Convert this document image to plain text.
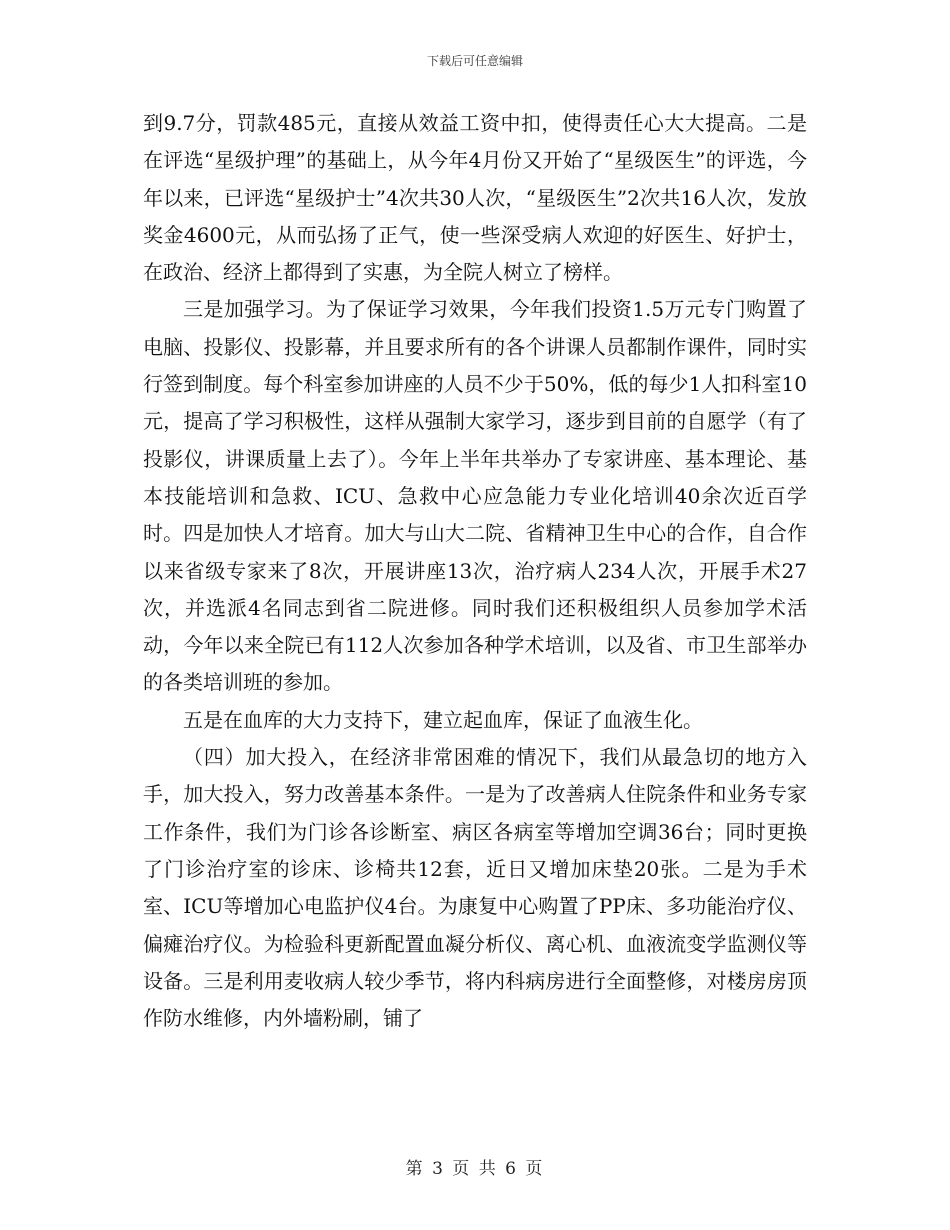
下载后可任意编辑

到9.7分，罚款485元，直接从效益工资中扣，使得责任心大大提高。二是在评选“星级护理”的基础上，从今年4月份又开始了“星级医生”的评选，今年以来，已评选“星级护士”4次共30人次，“星级医生”2次共16人次，发放奖金4600元，从而弘扬了正气，使一些深受病人欢迎的好医生、好护士，在政治、经济上都得到了实惠，为全院人树立了榜样。

三是加强学习。为了保证学习效果，今年我们投资1.5万元专门购置了电脑、投影仪、投影幕，并且要求所有的各个讲课人员都制作课件，同时实行签到制度。每个科室参加讲座的人员不少于50%，低的每少1人扣科室10元，提高了学习积极性，这样从强制大家学习，逐步到目前的自愿学（有了投影仪，讲课质量上去了）。今年上半年共举办了专家讲座、基本理论、基本技能培训和急救、ICU、急救中心应急能力专业化培训40余次近百学时。四是加快人才培育。加大与山大二院、省精神卫生中心的合作，自合作以来省级专家来了8次，开展讲座13次，治疗病人234人次，开展手术27次，并选派4名同志到省二院进修。同时我们还积极组织人员参加学术活动，今年以来全院已有112人次参加各种学术培训，以及省、市卫生部举办的各类培训班的参加。

五是在血库的大力支持下，建立起血库，保证了血液生化。

（四）加大投入，在经济非常困难的情况下，我们从最急切的地方入手，加大投入，努力改善基本条件。一是为了改善病人住院条件和业务专家工作条件，我们为门诊各诊断室、病区各病室等增加空调36台；同时更换了门诊治疗室的诊床、诊椅共12套，近日又增加床垫20张。二是为手术室、ICU等增加心电监护仪4台。为康复中心购置了PP床、多功能治疗仪、偏瘫治疗仪。为检验科更新配置血凝分析仪、离心机、血液流变学监测仪等设备。三是利用麦收病人较少季节，将内科病房进行全面整修，对楼房房顶作防水维修，内外墙粉刷，铺了

第 3 页 共 6 页
